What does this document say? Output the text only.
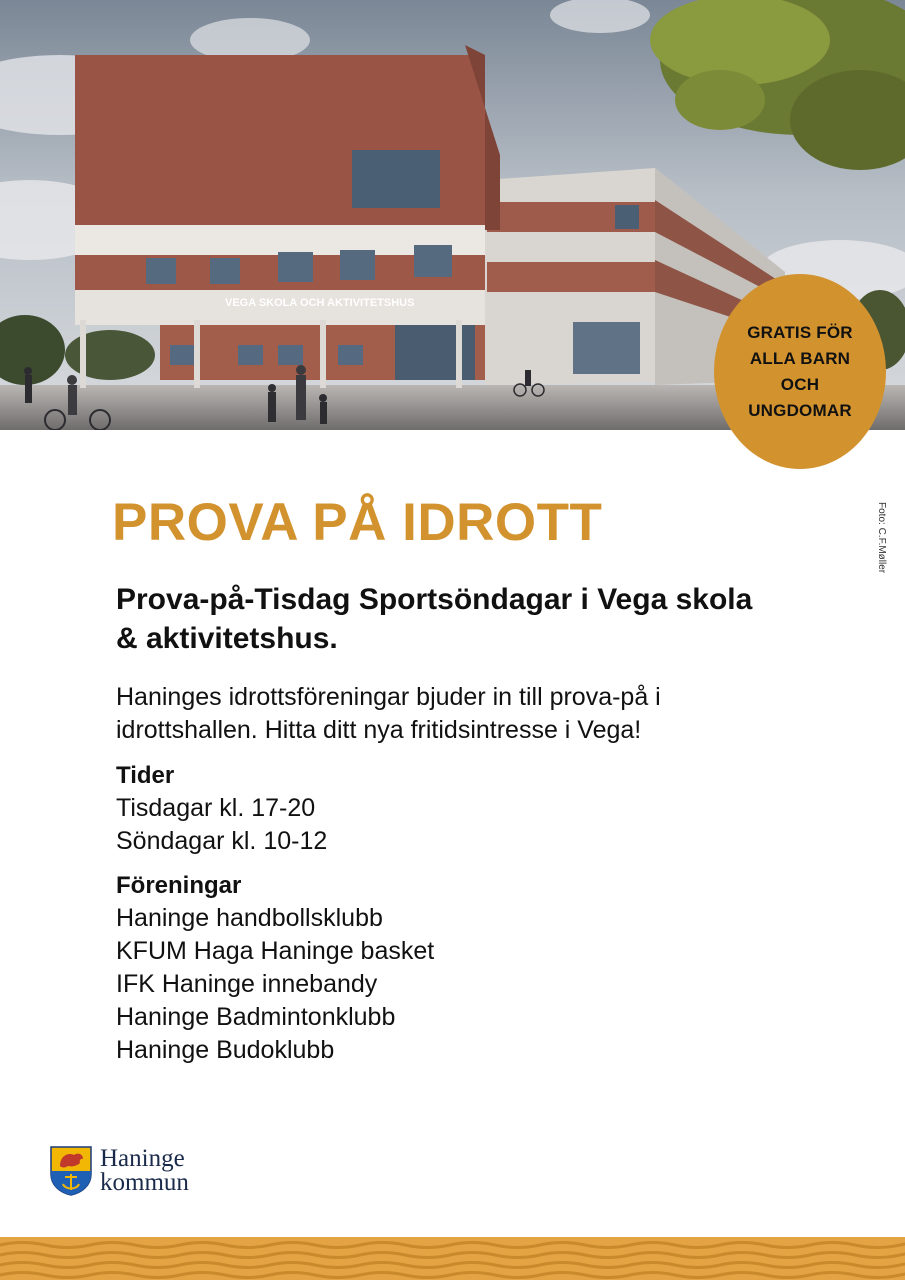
VEGA SKOLA OCH AKTIVITETSHUS
GRATIS FÖR
ALLA BARN
OCH
UNGDOMAR
Foto: C.F.Møller
PROVA PÅ IDROTT
Prova-på-Tisdag Sportsöndagar i Vega skola & aktivitetshus.

Haninges idrottsföreningar bjuder in till prova-på i idrottshallen. Hitta ditt nya fritidsintresse i Vega!

Tider

Tisdagar kl. 17-20

Söndagar kl. 10-12

Föreningar

Haninge handbollsklubb

KFUM Haga Haninge basket

IFK Haninge innebandy

Haninge Badmintonklubb

Haninge Budoklubb

Haninge
kommun
